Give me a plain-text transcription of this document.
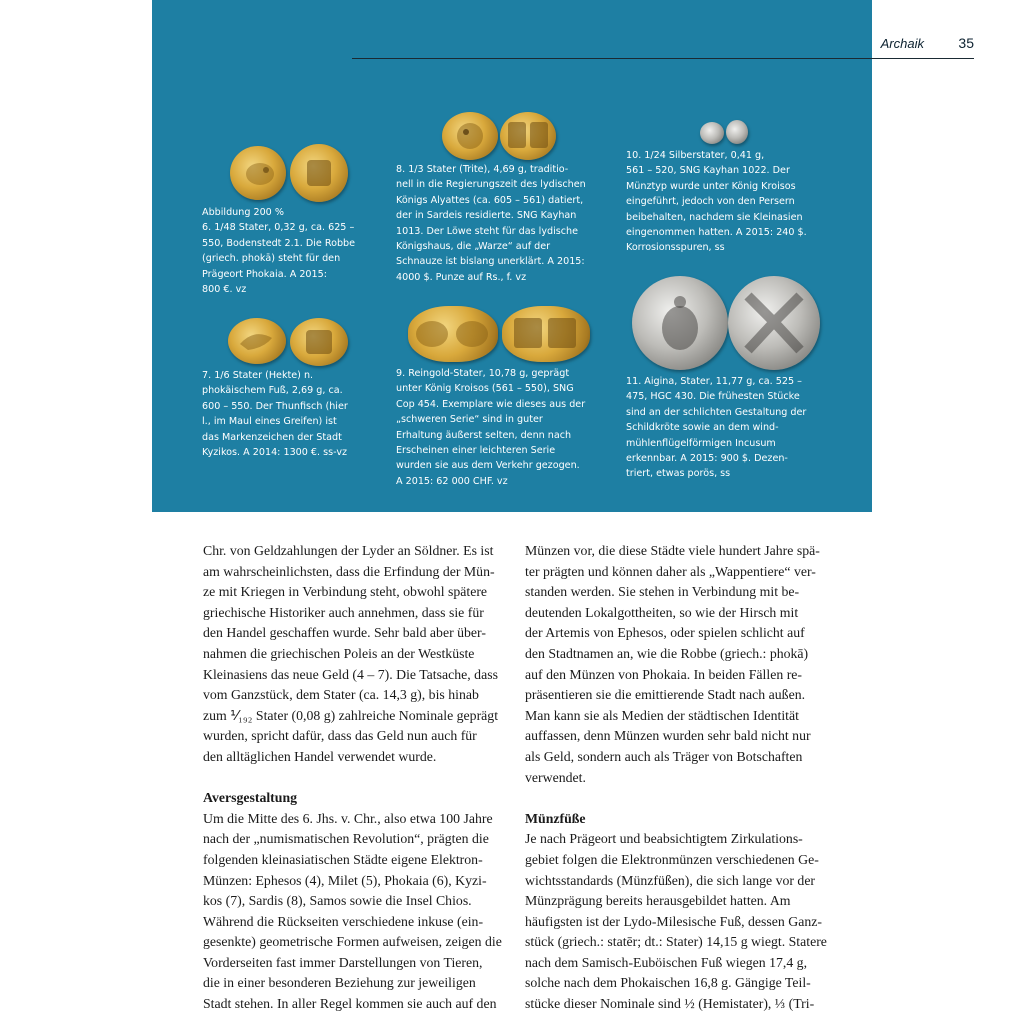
Archaik 35
Abbildung 200 %
6. 1/48 Stater, 0,32 g, ca. 625 –
550, Bodenstedt 2.1. Die Robbe
(griech. phokā) steht für den
Prägeort Phokaia. A 2015:
800 €. vz
7. 1/6 Stater (Hekte) n.
phokäischem Fuß, 2,69 g, ca.
600 – 550. Der Thunfisch (hier
l., im Maul eines Greifen) ist
das Markenzeichen der Stadt
Kyzikos. A 2014: 1300 €. ss-vz
8. 1/3 Stater (Trite), 4,69 g, traditio-
nell in die Regierungszeit des lydischen
Königs Alyattes (ca. 605 – 561) datiert,
der in Sardeis residierte. SNG Kayhan
1013. Der Löwe steht für das lydische
Königshaus, die „Warze“ auf der
Schnauze ist bislang unerklärt. A 2015:
4000 $. Punze auf Rs., f. vz
9. Reingold-Stater, 10,78 g, geprägt
unter König Kroisos (561 – 550), SNG
Cop 454. Exemplare wie dieses aus der
„schweren Serie“ sind in guter
Erhaltung äußerst selten, denn nach
Erscheinen einer leichteren Serie
wurden sie aus dem Verkehr gezogen.
A 2015: 62 000 CHF. vz
10. 1/24 Silberstater, 0,41 g,
561 – 520, SNG Kayhan 1022. Der
Münztyp wurde unter König Kroisos
eingeführt, jedoch von den Persern
beibehalten, nachdem sie Kleinasien
eingenommen hatten. A 2015: 240 $.
Korrosionsspuren, ss
11. Aigina, Stater, 11,77 g, ca. 525 –
475, HGC 430. Die frühesten Stücke
sind an der schlichten Gestaltung der
Schildkröte sowie an dem wind-
mühlenflügelförmigen Incusum
erkennbar. A 2015: 900 $. Dezen-
triert, etwas porös, ss
Chr. von Geldzahlungen der Lyder an Söldner. Es ist
am wahrscheinlichsten, dass die Erfindung der Mün-
ze mit Kriegen in Verbindung steht, obwohl spätere
griechische Historiker auch annehmen, dass sie für
den Handel geschaffen wurde. Sehr bald aber über-
nahmen die griechischen Poleis an der Westküste
Kleinasiens das neue Geld (4 – 7). Die Tatsache, dass
vom Ganzstück, dem Stater (ca. 14,3 g), bis hinab
zum ⅟₁₉₂ Stater (0,08 g) zahlreiche Nominale geprägt
wurden, spricht dafür, dass das Geld nun auch für
den alltäglichen Handel verwendet wurde.
Aversgestaltung
Um die Mitte des 6. Jhs. v. Chr., also etwa 100 Jahre
nach der „numismatischen Revolution“, prägten die
folgenden kleinasiatischen Städte eigene Elektron-
Münzen: Ephesos (4), Milet (5), Phokaia (6), Kyzi-
kos (7), Sardis (8), Samos sowie die Insel Chios.
Während die Rückseiten verschiedene inkuse (ein-
gesenkte) geometrische Formen aufweisen, zeigen die
Vorderseiten fast immer Darstellungen von Tieren,
die in einer besonderen Beziehung zur jeweiligen
Stadt stehen. In aller Regel kommen sie auch auf den
Münzen vor, die diese Städte viele hundert Jahre spä-
ter prägten und können daher als „Wappentiere“ ver-
standen werden. Sie stehen in Verbindung mit be-
deutenden Lokalgottheiten, so wie der Hirsch mit
der Artemis von Ephesos, oder spielen schlicht auf
den Stadtnamen an, wie die Robbe (griech.: phokā)
auf den Münzen von Phokaia. In beiden Fällen re-
präsentieren sie die emittierende Stadt nach außen.
Man kann sie als Medien der städtischen Identität
auffassen, denn Münzen wurden sehr bald nicht nur
als Geld, sondern auch als Träger von Botschaften
verwendet.
Münzfüße
Je nach Prägeort und beabsichtigtem Zirkulations-
gebiet folgen die Elektronmünzen verschiedenen Ge-
wichtsstandards (Münzfüßen), die sich lange vor der
Münzprägung bereits herausgebildet hatten. Am
häufigsten ist der Lydo-Milesische Fuß, dessen Ganz-
stück (griech.: statēr; dt.: Stater) 14,15 g wiegt. Statere
nach dem Samisch-Euböischen Fuß wiegen 17,4 g,
solche nach dem Phokaischen 16,8 g. Gängige Teil-
stücke dieser Nominale sind ½ (Hemistater), ⅓ (Tri-
